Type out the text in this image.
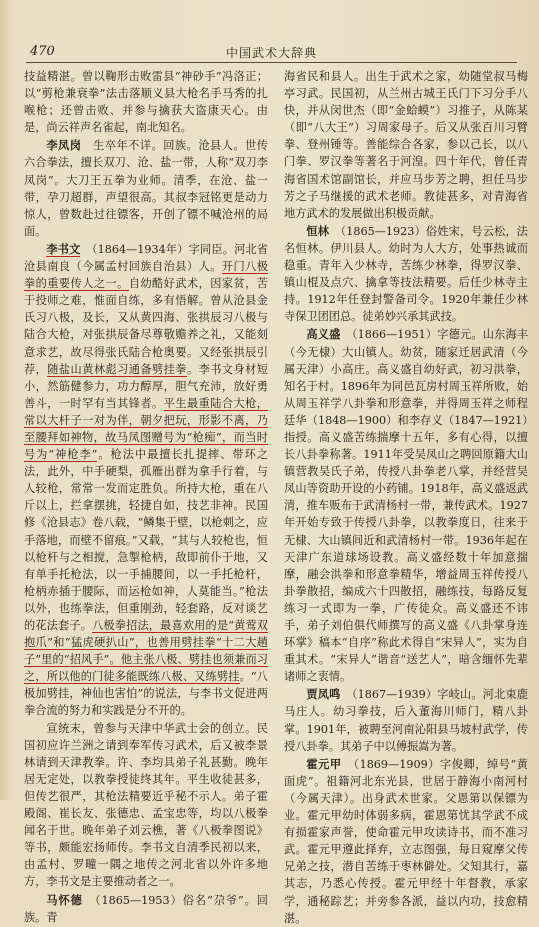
470	中国武术大辞典

技益精湛。曾以鞠形击败雷县“神砂手”冯洛正；以“剪枪兼衰拳”法击落顺义县大枪名手马秀的扎喉枪；还曾击败、并参与擒获大盗康天心。由是，尚云祥声名雀起，南北知名。

李凤岗　 生卒年不详。回族。沧县人。世传六合拳法，擅长双刀、沧、盐一带，人称“双刀李凤岗”。大刀王五拳为业师。清季，在沧、盐一带，孕刀超群，声望很高。其叔李冠铭更是动力惊人，曾数赴过往镖客，开创了镖不喊沧州的局面。

李书文　 （1864—1934年）字同臣。河北省沧县南良（今属孟村回族自治县）人。开门八极拳的重要传人之一。自幼酷好武术，因家贫，苦于投师之难，惟面自练，多有悟解。曾从沧县金氏习八极，及长，又从黄四海、张拱辰习八极与陆合大枪，对张拱辰备尽尊敬赡养之礼，又能刻意求艺，故尽得张氏陆合枪奥要。又经张拱辰引荐，随盐山黄林彪习通备劈挂拳。李书文身材短小，然筋健参力，功力醇厚，胆气充沛，放好勇善斗，一时罕有当其锋者。平生最重陆合大枪，常以大杆子一对为伴，朝夕把玩，形影不离，乃至腰拜如神物，故马凤图赠号为“枪痴”，而当时号为“神枪李”。枪法中最擅长扎提摔、带环之法，此外，中手硬梨，孤雁出群为拿手行着，与人较枪，常常一发而定胜负。所持大枪，重在八斤以上，拦拿摆挑，轻捷自如，技艺非神。民国修《沧县志》卷八载，“鳞集于壁，以枪刺之，应手落地，而壁不留痕。”又载，“其与人较枪也，恒以枪杆与之相搅，急掣枪柄，敌即前仆于地，又有单手托枪法，以一手捕腰间，以一手托枪杆，枪柄赤插于腰际，而运枪如神，人莫能当。”枪法以外，也练拳法，但重刚劲，轻套路，反对谈艺的花法套子。八极拳招法，最喜欢用的是“黄莺双抱爪”和“猛虎硬扒山”，也善用劈挂拳“十二大趟子”里的“招风手”。他主张八极、劈挂也须兼而习之，所以他的门徒多能既练八极、又练劈挂。“八极加劈挂，神仙也害怕”的说法，与李书文促进两拳合流的努力和实践是分不开的。

宣统末，曾参与天津中华武士会的创立。民国初应许兰洲之请到奉军传习武术，后又被李景林请到天津教拳。许、李均具弟子礼甚勤。晚年居无定处，以教拳授徒终其年。平生收徒甚多，但传艺很严，其枪法精要近乎秘不示人。弟子霍殿阁、崔长友、张德忠、孟宝忠等，均以八极拳闻名于世。晚年弟子刘云樵，著《八极拳图说》等书，颇能宏扬师传。李书文自清季民初以来，由孟村、罗疃一隅之地传之河北省以外许多地方，李书文是主要推动者之一。

马怀德　 （1865—1953）俗名“尕爷”。回族。青

海省民和县人。出生于武术之家，幼随堂叔马梅亭习武。民国初，从兰州古城王氏门下习分手八快，并从闵世杰（即“金蛤蟆”）习推子，从陈某（即“八大王”）习周家母子。后又从张百川习臂拳、登州锤等。善能综合各家，参以己长，以八门拳、罗汉拳等著名于河湟。四十年代，曾任青海省国术馆副馆长，并应马步芳之聘，担任马步芳之子马继援的武术老师。教徒甚多，对青海省地方武术的发展做出积极贡献。

恒林　 （1865—1923）俗姓宋，号云松，法名恒林。伊川县人。幼时为人大方，处事热诚而稳重。青年入少林寺，苦练少林拳，得罗汉拳、镇山棍及点穴、擒拿等技法精要。后任少林寺主持。1912年任登封警备司令。1920年兼任少林寺保卫团团总。徒弟妙兴承其武技。

高义盛　 （1866—1951）字德元。山东海丰（今无棣）大山镇人。幼贫，随家迁居武清（今属天津）小高庄。高义盛自幼好武，初习洪拳，知名于村。1896年为同邑瓦房村周玉祥所败，始从周玉祥学八卦拳和形意拳，并得周玉祥之师程廷华（1848—1900）和李存义（1847—1921）指授。高义盛苦练揣摩十五年，多有心得，以擅长八卦拳称著。1911年受吴凤山之聘回原籍大山镇营教吴氏子弟，传授八卦拳老八掌，并经营吴凤山等资助开设的小药铺。1918年，高义盛返武清，推车贩布于武清杨村一带，兼传武术。1927年开始专致于传授八卦拳，以教拳度日，往来于无棣、大山镇间近和武清杨村一带。1936年起在天津广东道球场设教。高义盛经数十年加意揣摩，融会洪拳和形意拳精华，增益周玉祥传授八卦拳散招，编成六十四散招，融练技，每路反复练习一式即为一拳，广传徒众。高义盛还不讳手，弟子刘伯俱代师撰写的高义盛《八卦掌身连环掌》稿本“自序”称此术得自“宋异人”，实为自重其术。“宋异人”谐音“送艺人”，暗含缅怀先辈诸师之衷情。

贾凤鸣　 （1867—1939）字岐山。河北束鹿马庄人。幼习拳技，后入董海川师门，精八卦掌。1901年，被聘至河南沁阳县马坡村武学，传授八卦拳。其弟子中以傅振嵩为著。

霍元甲　 （1869—1909）字俊卿，绰号“黄面虎”。祖籍河北东光县，世居于静海小南河村（今属天津）。出身武术世家。父恩第以保镖为业。霍元甲幼时体弱多病，霍恩第忧其学武不成有损霍家声誉，使命霍元甲攻读诗书，而不准习武。霍元甲遵此择弃，立志图强，每日窥摩父传兄弟之技，潜自苦练于枣林僻处。父知其行，嘉其志，乃悉心传授。霍元甲经十年督教，承家学，通秘踪艺；并旁参各派，益以内功，技愈精湛。
